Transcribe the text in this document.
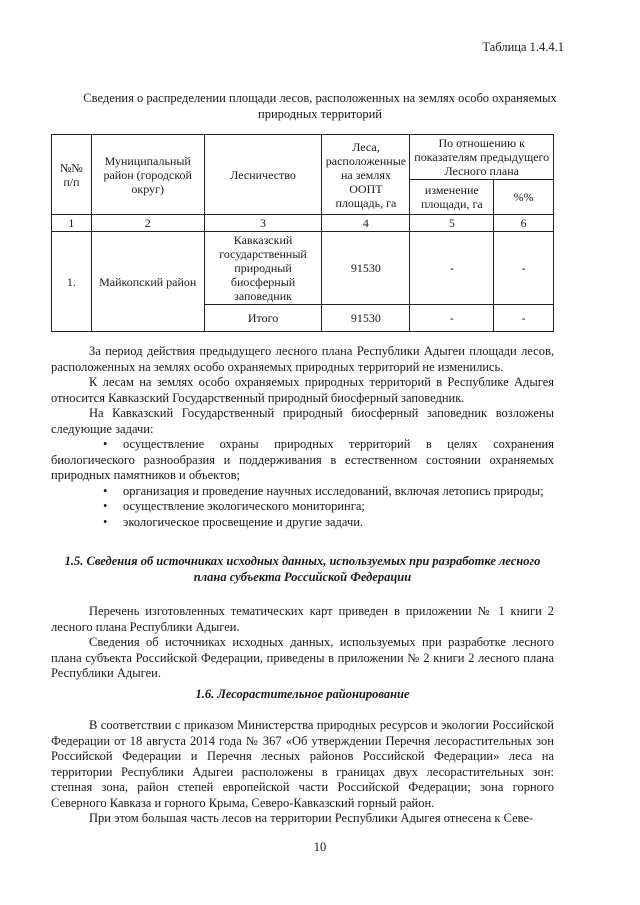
Таблица 1.4.4.1
Сведения о распределении площади лесов, расположенных на землях особо охраняемых природных территорий
№№ п/п	Муниципальный район (городской округ)	Лесничество	Леса, расположенные на землях ООПТ площадь, га	По отношению к показателям предыдущего Лесного плана	
				изменение площади, га	%%
1	2	3	4	5	6
1.	Майкопский район	Кавказский государственный природный биосферный заповедник	91530	-	-
		Итого	91530	-	-

За период действия предыдущего лесного плана Республики Адыгеи площади лесов, расположенных на землях особо охраняемых природных территорий не изменились.

К лесам на землях особо охраняемых природных территорий в Республике Адыгея относится Кавказский Государственный природный биосферный заповедник.

На Кавказский Государственный природный биосферный заповедник возложены следующие задачи:

• осуществление охраны природных территорий в целях сохранения биологического разнообразия и поддерживания в естественном состоянии охраняемых природных памятников и объектов;

• организация и проведение научных исследований, включая летопись природы;

• осуществление экологического мониторинга;

• экологическое просвещение и другие задачи.

1.5. Сведения об источниках исходных данных, используемых при разработке лесного плана субъекта Российской Федерации

Перечень изготовленных тематических карт приведен в приложении № 1 книги 2 лесного плана Республики Адыгеи.

Сведения об источниках исходных данных, используемых при разработке лесного плана субъекта Российской Федерации, приведены в приложении № 2 книги 2 лесного плана Республики Адыгеи.

1.6. Лесорастительное районирование

В соответствии с приказом Министерства природных ресурсов и экологии Российской Федерации от 18 августа 2014 года № 367 «Об утверждении Перечня лесорастительных зон Российской Федерации и Перечня лесных районов Российской Федерации» леса на территории Республики Адыгеи расположены в границах двух лесорастительных зон: степная зона, район степей европейской части Российской Федерации; зона горного Северного Кавказа и горного Крыма, Северо-Кавказский горный район.

При этом большая часть лесов на территории Республики Адыгея отнесена к Севе-

10
